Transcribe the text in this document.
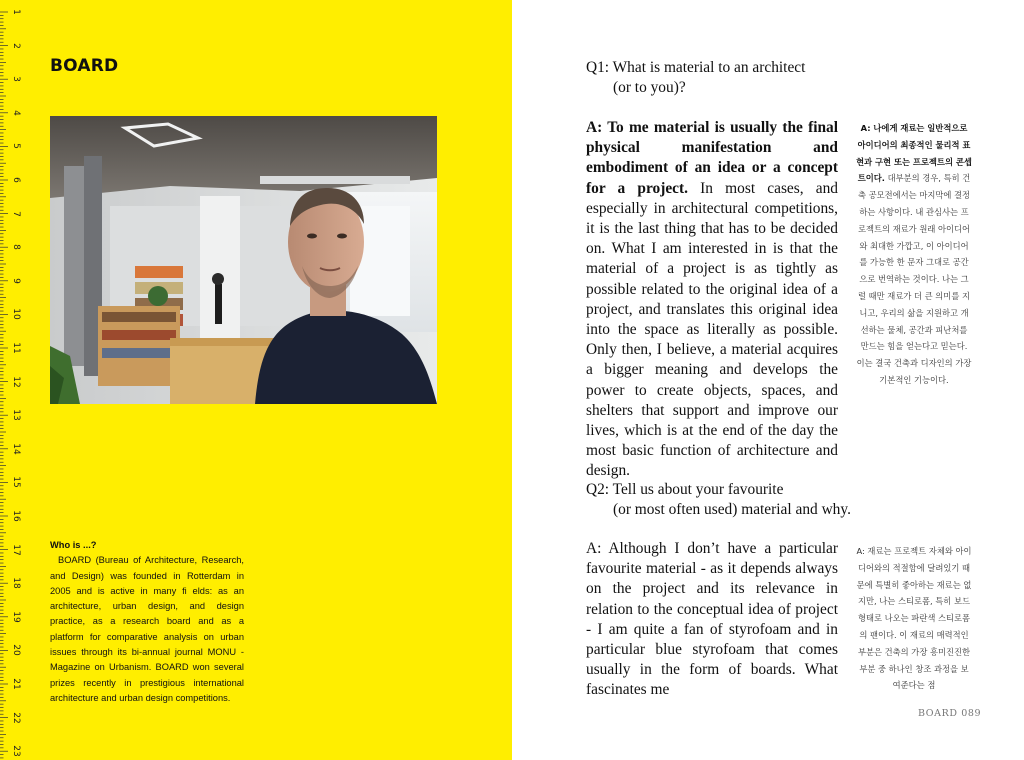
1
2
3
4
5
6
7
8
9
10
11
12
13
14
15
16
17
18
19
20
21
22
23
BOARD
Who is ...?
BOARD (Bureau of Architecture, Research, and Design) was founded in Rotterdam in 2005 and is active in many fi elds: as an architecture, urban design, and design practice, as a research board and as a platform for comparative analysis on urban issues through its bi-annual journal MONU - Magazine on Urbanism. BOARD won several prizes recently in prestigious international architecture and urban design competitions.
Q1: What is material to an architect
(or to you)?
A: To me material is usually the final physical manifestation and embodiment of an idea or a concept for a project. In most cases, and especially in architectural competitions, it is the last thing that has to be decided on. What I am interested in is that the material of a project is as tightly as possible related to the original idea of a project, and translates this original idea into the space as literally as possible. Only then, I believe, a material acquires a bigger meaning and develops the power to create objects, spaces, and shelters that support and improve our lives, which is at the end of the day the most basic function of architecture and design.
A: 나에게 재료는 일반적으로 아이디어의 최종적인 물리적 표현과 구현 또는 프로젝트의 콘셉트이다. 대부분의 경우, 특히 건축 공모전에서는 마지막에 결정하는 사항이다. 내 관심사는 프로젝트의 재료가 원래 아이디어와 최대한 가깝고, 이 아이디어를 가능한 한 문자 그대로 공간으로 번역하는 것이다. 나는 그럴 때만 재료가 더 큰 의미를 지니고, 우리의 삶을 지원하고 개선하는 물체, 공간과 피난처를 만드는 힘을 얻는다고 믿는다. 이는 결국 건축과 디자인의 가장 기본적인 기능이다.
Q2: Tell us about your favourite
(or most often used) material and why.
A: Although I don’t have a particular favourite material - as it depends always on the project and its relevance in relation to the conceptual idea of project - I am quite a fan of styrofoam and in particular blue styrofoam that comes usually in the form of boards. What fascinates me
A: 재료는 프로젝트 자체와 아이디어와의 적절함에 달려있기 때문에 특별히 좋아하는 재료는 없지만, 나는 스티로폼, 특히 보드 형태로 나오는 파란색 스티로폼의 팬이다. 이 재료의 매력적인 부분은 건축의 가장 흥미진진한 부분 중 하나인 창조 과정을 보여준다는 점
BOARD 089
